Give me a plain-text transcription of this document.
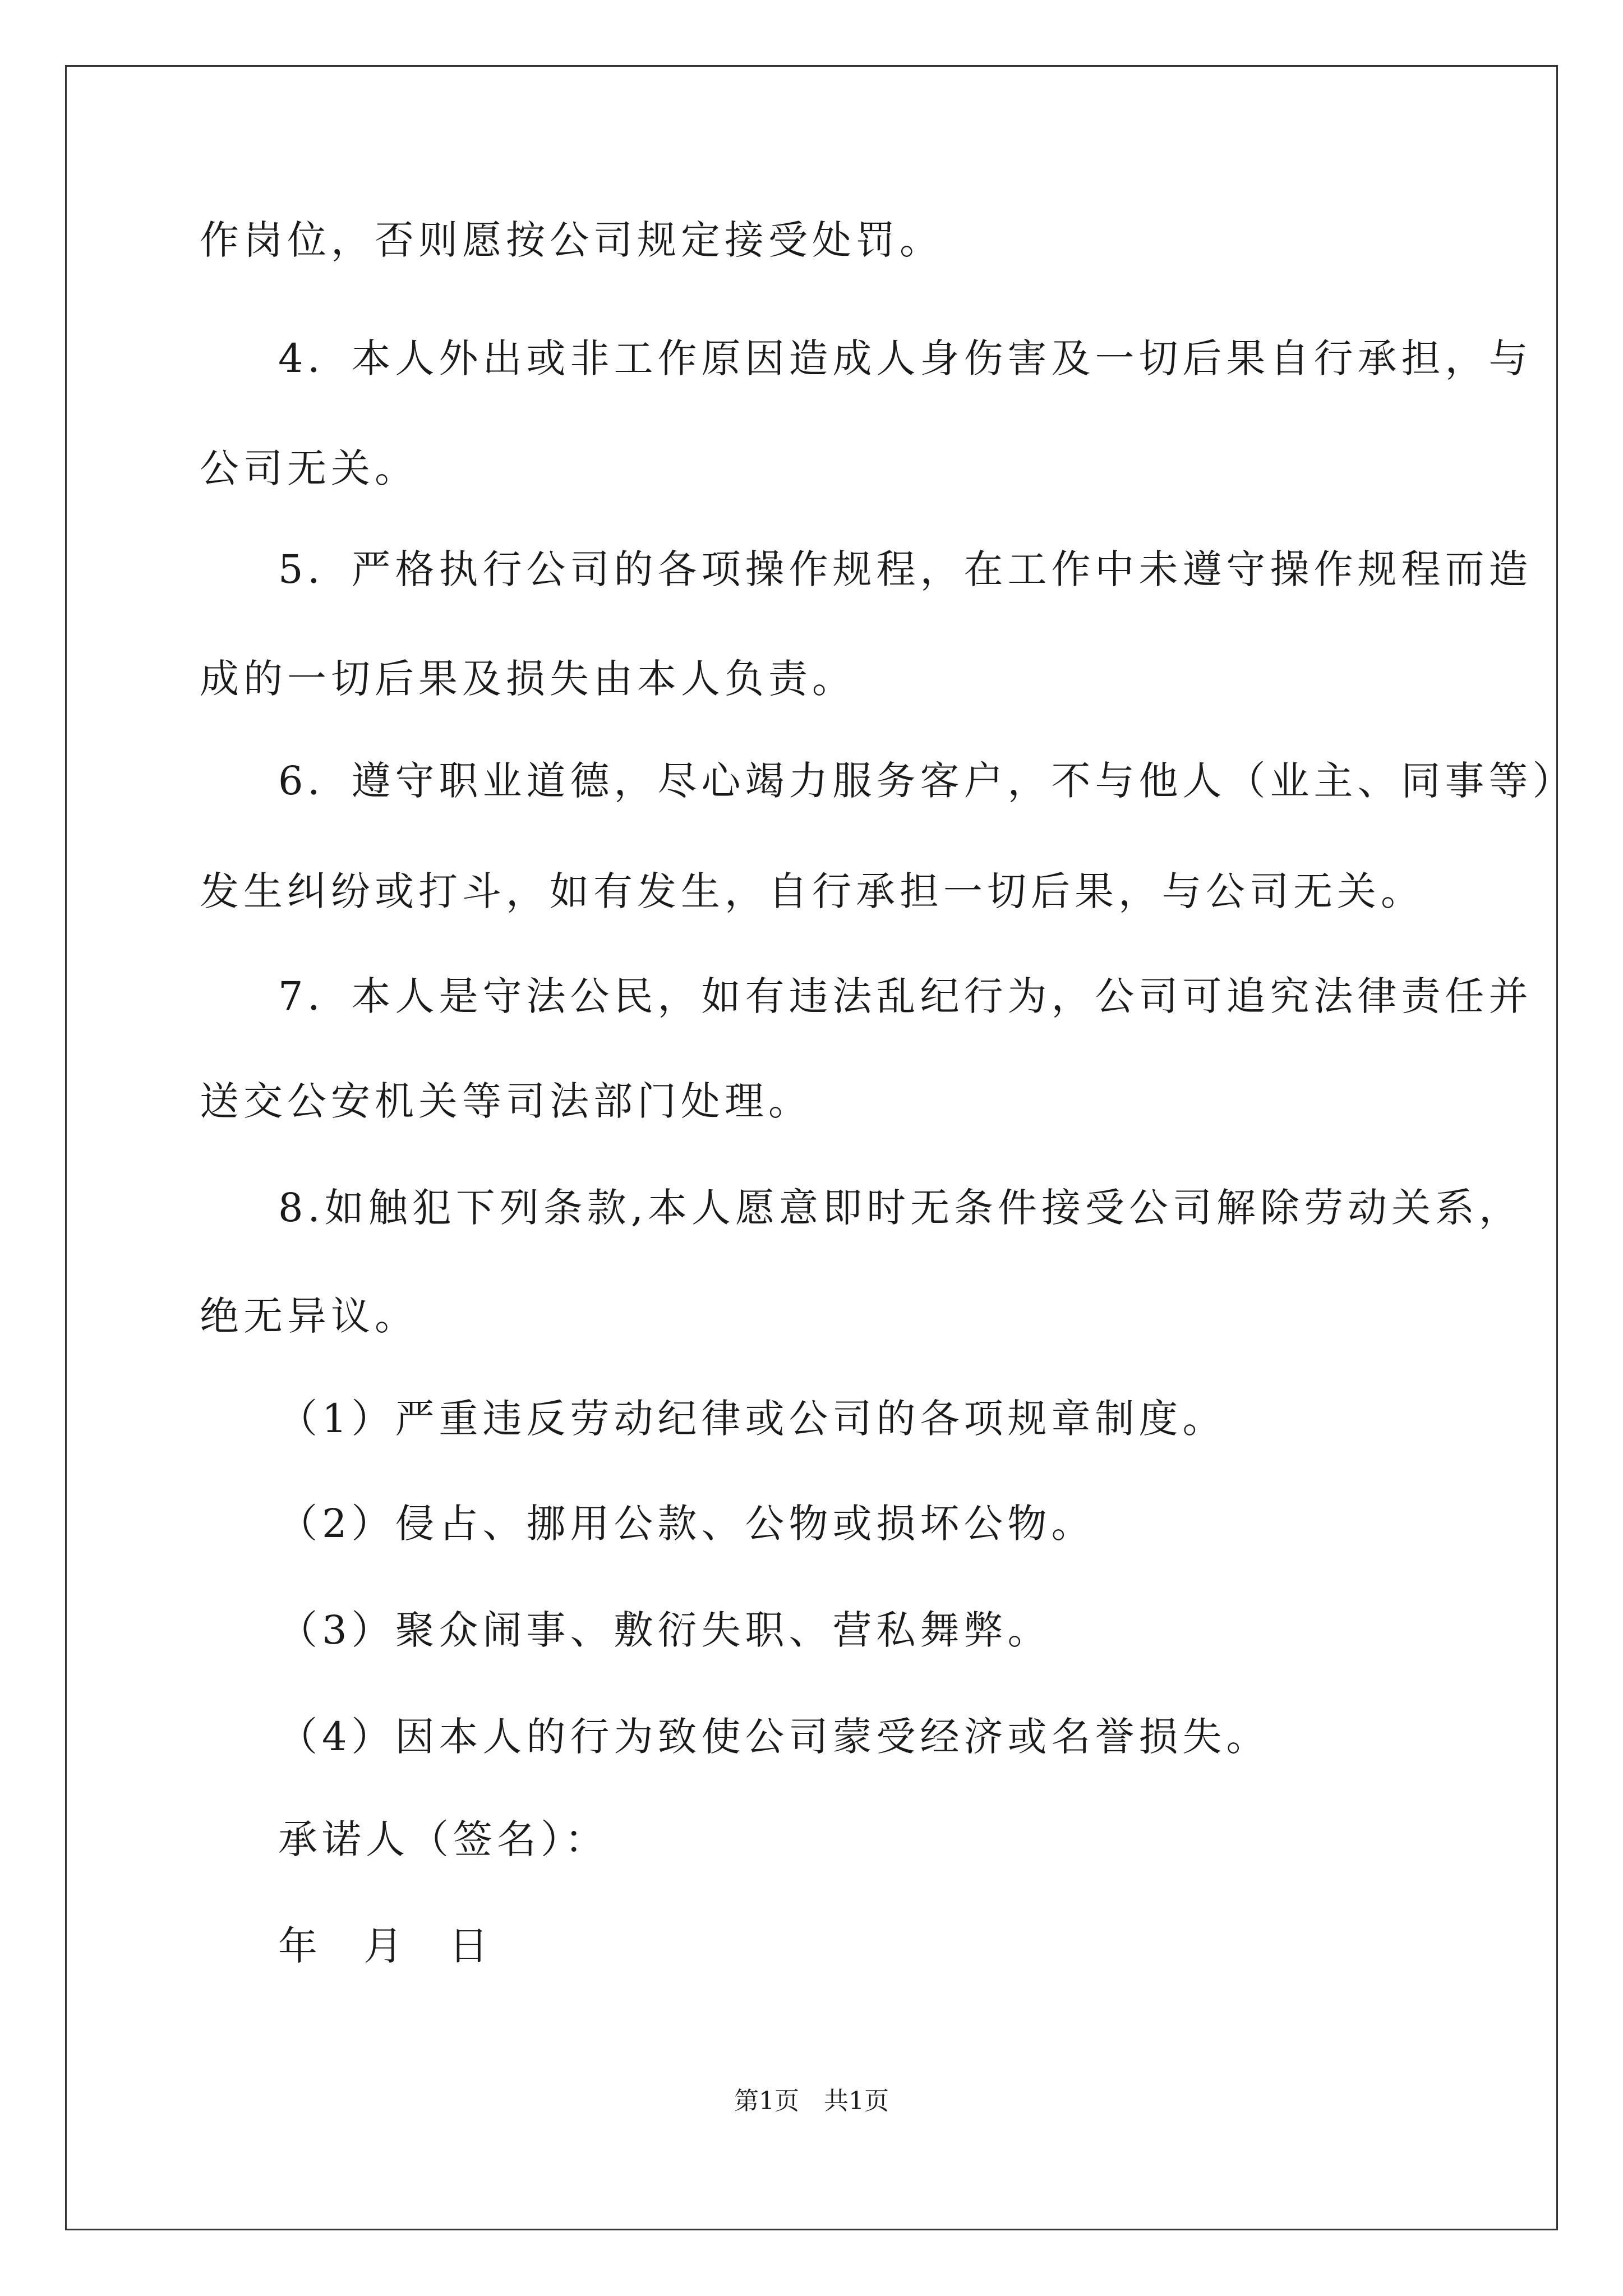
作岗位，否则愿按公司规定接受处罚。
4．本人外出或非工作原因造成人身伤害及一切后果自行承担，与
公司无关。
5．严格执行公司的各项操作规程，在工作中未遵守操作规程而造
成的一切后果及损失由本人负责。
6．遵守职业道德，尽心竭力服务客户，不与他人（业主、同事等）
发生纠纷或打斗，如有发生，自行承担一切后果，与公司无关。
7．本人是守法公民，如有违法乱纪行为，公司可追究法律责任并
送交公安机关等司法部门处理。
8.如触犯下列条款,本人愿意即时无条件接受公司解除劳动关系，
绝无异议。
（1）严重违反劳动纪律或公司的各项规章制度。
（2）侵占、挪用公款、公物或损坏公物。
（3）聚众闹事、敷衍失职、营私舞弊。
（4）因本人的行为致使公司蒙受经济或名誉损失。
承诺人（签名）：
年 月 日
第1页　共1页
